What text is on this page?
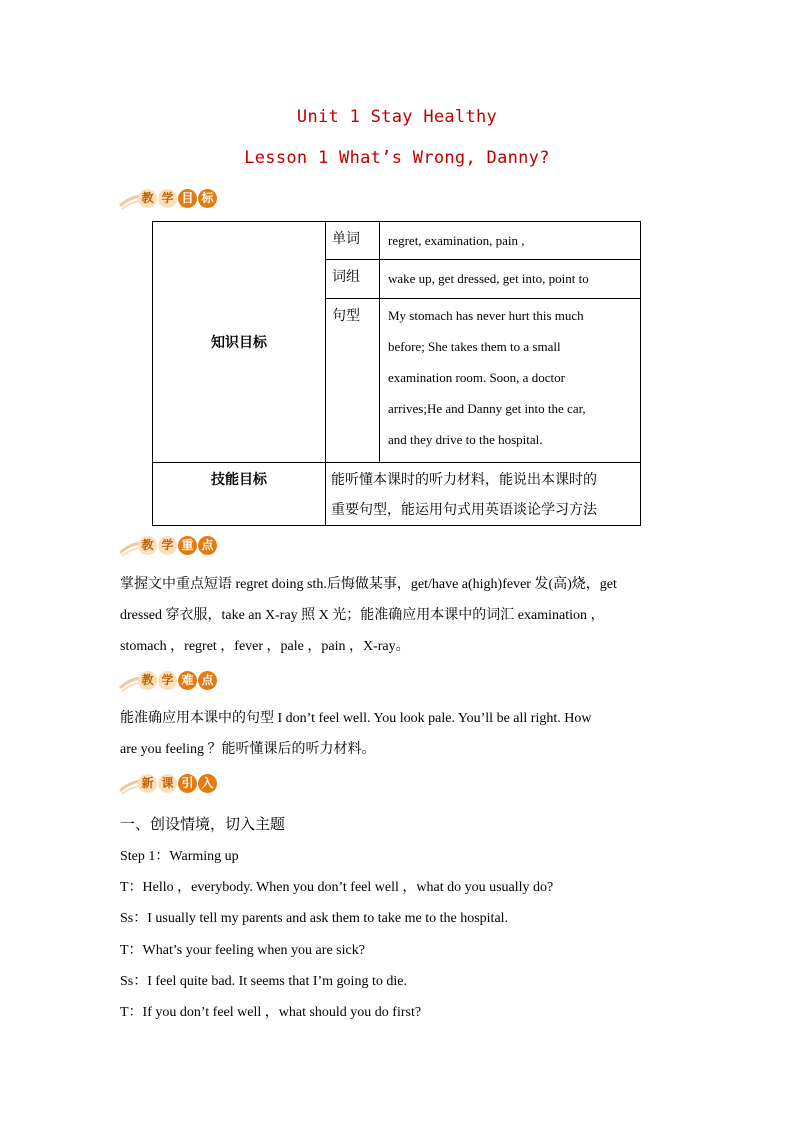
Unit 1 Stay Healthy
Lesson 1 What’s Wrong, Danny?
教 学 目 标
知识目标	单词	regret, examination, pain ,
	词组	wake up, get dressed, get into, point to
	句型	My stomach has never hurt this much
before; She takes them to a small
examination room. Soon, a doctor
arrives;He and Danny get into the car,
and they drive to the hospital.

技能目标	能听懂本课时的听力材料，能说出本课时的
重要句型，能运用句式用英语谈论学习方法	
教 学 重 点
掌握文中重点短语 regret doing sth.后悔做某事，get/have a(high)fever 发(高)烧，get
dressed 穿衣服，take an X-ray 照 X 光；能准确应用本课中的词汇 examination ，
stomach ，regret ，fever ，pale ，pain ，X-ray。
教 学 难 点
能准确应用本课中的句型 I don’t feel well. You look pale. You’ll be all right. How
are you feeling ？能听懂课后的听力材料。
新 课 引 入
一、创设情境，切入主题
Step 1：Warming up
T：Hello ，everybody. When you don’t feel well ，what do you usually do?
Ss：I usually tell my parents and ask them to take me to the hospital.
T：What’s your feeling when you are sick?
Ss：I feel quite bad. It seems that I’m going to die.
T：If you don’t feel well ，what should you do first?
